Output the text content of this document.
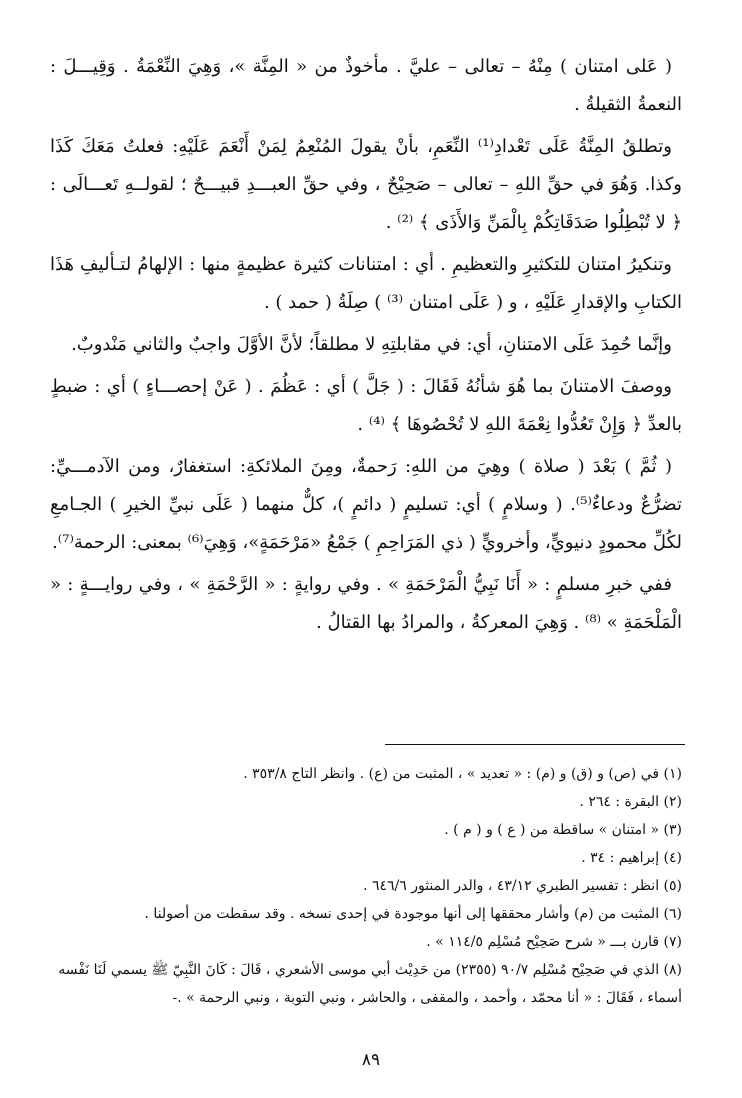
( عَلى امتنان ) مِنْهُ – تعالى – عليَّ . مأخوذٌ من « المِنَّة »، وَهِيَ النِّعْمَةُ . وَقِيـــلَ : النعمةُ الثقيلةُ .

وتطلقُ المِنَّةُ عَلَى تَعْدادِ⁽¹⁾ النِّعَمِ، بأنْ يقولَ المُنْعِمُ لِمَنْ أَنْعَمَ عَلَيْهِ: فعلتُ مَعَكَ كَذَا وكذا. وَهُوَ في حقِّ اللهِ – تعالى – صَحِيْحٌ ، وفي حقِّ العبـــدِ قبيـــحٌ ؛ لقولــهِ تَعـــالَى : ﴿ لا تُبْطِلُوا صَدَقَاتِكُمْ بِالْمَنِّ وَالأَذَى ﴾ ⁽²⁾ .

وتنكيرُ امتنان للتكثيرِ والتعظيمِ . أي : امتنانات كثيرة عظيمةٍ منها : الإلهامُ لتـأليفِ هَذَا الكتابِ والإقدارِ عَلَيْهِ ، و ( عَلَى امتنان ⁽³⁾ ) صِلَةُ ( حمد ) .

وإنَّما حُمِدَ عَلَى الامتنانِ، أي: في مقابلتِهِ لا مطلقاً؛ لأنَّ الأوَّلَ واجبٌ والثاني مَنْدوبٌ.

ووصفَ الامتنانَ بما هُوَ شأنُهُ فَقَالَ : ( جَلَّ ) أي : عَظُمَ . ( عَنْ إحصـــاءٍ ) أي : ضبطٍ بالعدِّ ﴿ وَإِنْ تَعُدُّوا نِعْمَةَ اللهِ لا تُحْصُوهَا ﴾ ⁽⁴⁾ .

( ثُمَّ ) بَعْدَ ( صلاة ) وهِيَ من اللهِ: رَحمةٌ، ومِنَ الملائكةِ: استغفارٌ، ومن الآدمـــيِّ: تضرُّعٌ ودعاءٌ⁽⁵⁾. ( وسلامٍ ) أي: تسليمٍ ( دائمٍ )، كلٌّ منهما ( عَلَى نبيِّ الخيرِ ) الجـامعِ لكُلِّ محمودٍ دنيويٍّ، وأخرويٍّ ( ذي المَرَاحِمِ ) جَمْعُ «مَرْحَمَةٍ»، وَهِيَ⁽⁶⁾ بمعنى: الرحمة⁽⁷⁾.

ففي خبرِ مسلمٍ : « أَنَا نَبِيُّ الْمَرْحَمَةِ » . وفي روايةٍ : « الرَّحْمَةِ » ، وفي روايـــةٍ : « الْمَلْحَمَةِ » ⁽⁸⁾ . وَهِيَ المعركةُ ، والمرادُ بها القتالُ .

(١) في (ص) و (ق) و (م) : « تعديد » ، المثبت من (ع) . وانظر التاج ٣٥٣/٨ .

(٢) البقرة : ٢٦٤ .

(٣) « امتنان » ساقطة من ( ع ) و ( م ) .

(٤) إبراهيم : ٣٤ .

(٥) انظر : تفسير الطبري ٤٣/١٢ ، والدر المنثور ٦٤٦/٦ .

(٦) المثبت من (م) وأشار محققها إلى أنها موجودة في إحدى نسخه . وقد سقطت من أصولنا .

(٧) قارن بـــ « شرح صَحِيْح مُسْلِم ١١٤/٥ » .

(٨) الذي في صَحِيْح مُسْلِم ٩٠/٧ (٢٣٥٥) من حَدِيْث أبي موسى الأشعري ، قَالَ : كَانَ النَّبِيّ ﷺ يسمي لَنَا نَفْسه أسماء ، فَقَالَ : « أنا محمّد ، وأحمد ، والمقفى ، والحاشر ، ونبي التوبة ، ونبي الرحمة » .-

٨٩
